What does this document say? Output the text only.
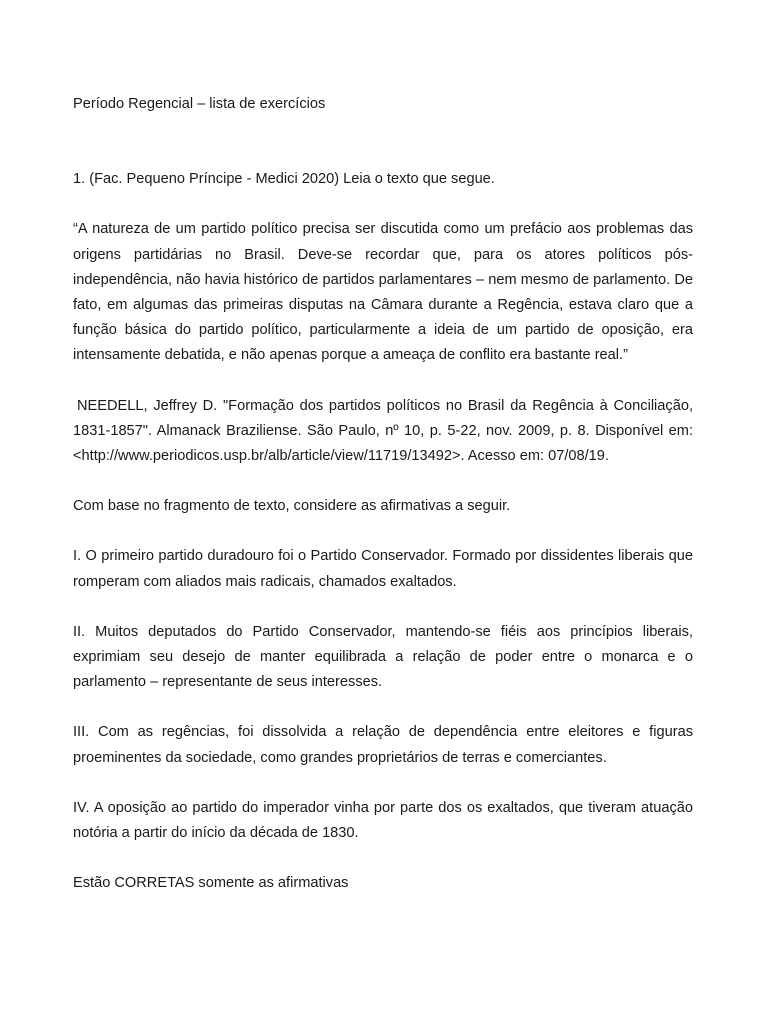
Período Regencial – lista de exercícios

1. (Fac. Pequeno Príncipe - Medici 2020) Leia o texto que segue.

“A natureza de um partido político precisa ser discutida como um prefácio aos problemas das origens partidárias no Brasil. Deve-se recordar que, para os atores políticos pós-independência, não havia histórico de partidos parlamentares – nem mesmo de parlamento. De fato, em algumas das primeiras disputas na Câmara durante a Regência, estava claro que a função básica do partido político, particularmente a ideia de um partido de oposição, era intensamente debatida, e não apenas porque a ameaça de conflito era bastante real.”

NEEDELL, Jeffrey D. "Formação dos partidos políticos no Brasil da Regência à Conciliação, 1831-1857". Almanack Braziliense. São Paulo, nº 10, p. 5-22, nov. 2009, p. 8. Disponível em: <http://www.periodicos.usp.br/alb/article/view/11719/13492>. Acesso em: 07/08/19.

Com base no fragmento de texto, considere as afirmativas a seguir.

I. O primeiro partido duradouro foi o Partido Conservador. Formado por dissidentes liberais que romperam com aliados mais radicais, chamados exaltados.

II. Muitos deputados do Partido Conservador, mantendo-se fiéis aos princípios liberais, exprimiam seu desejo de manter equilibrada a relação de poder entre o monarca e o parlamento – representante de seus interesses.

III. Com as regências, foi dissolvida a relação de dependência entre eleitores e figuras proeminentes da sociedade, como grandes proprietários de terras e comerciantes.

IV. A oposição ao partido do imperador vinha por parte dos os exaltados, que tiveram atuação notória a partir do início da década de 1830.

Estão CORRETAS somente as afirmativas
